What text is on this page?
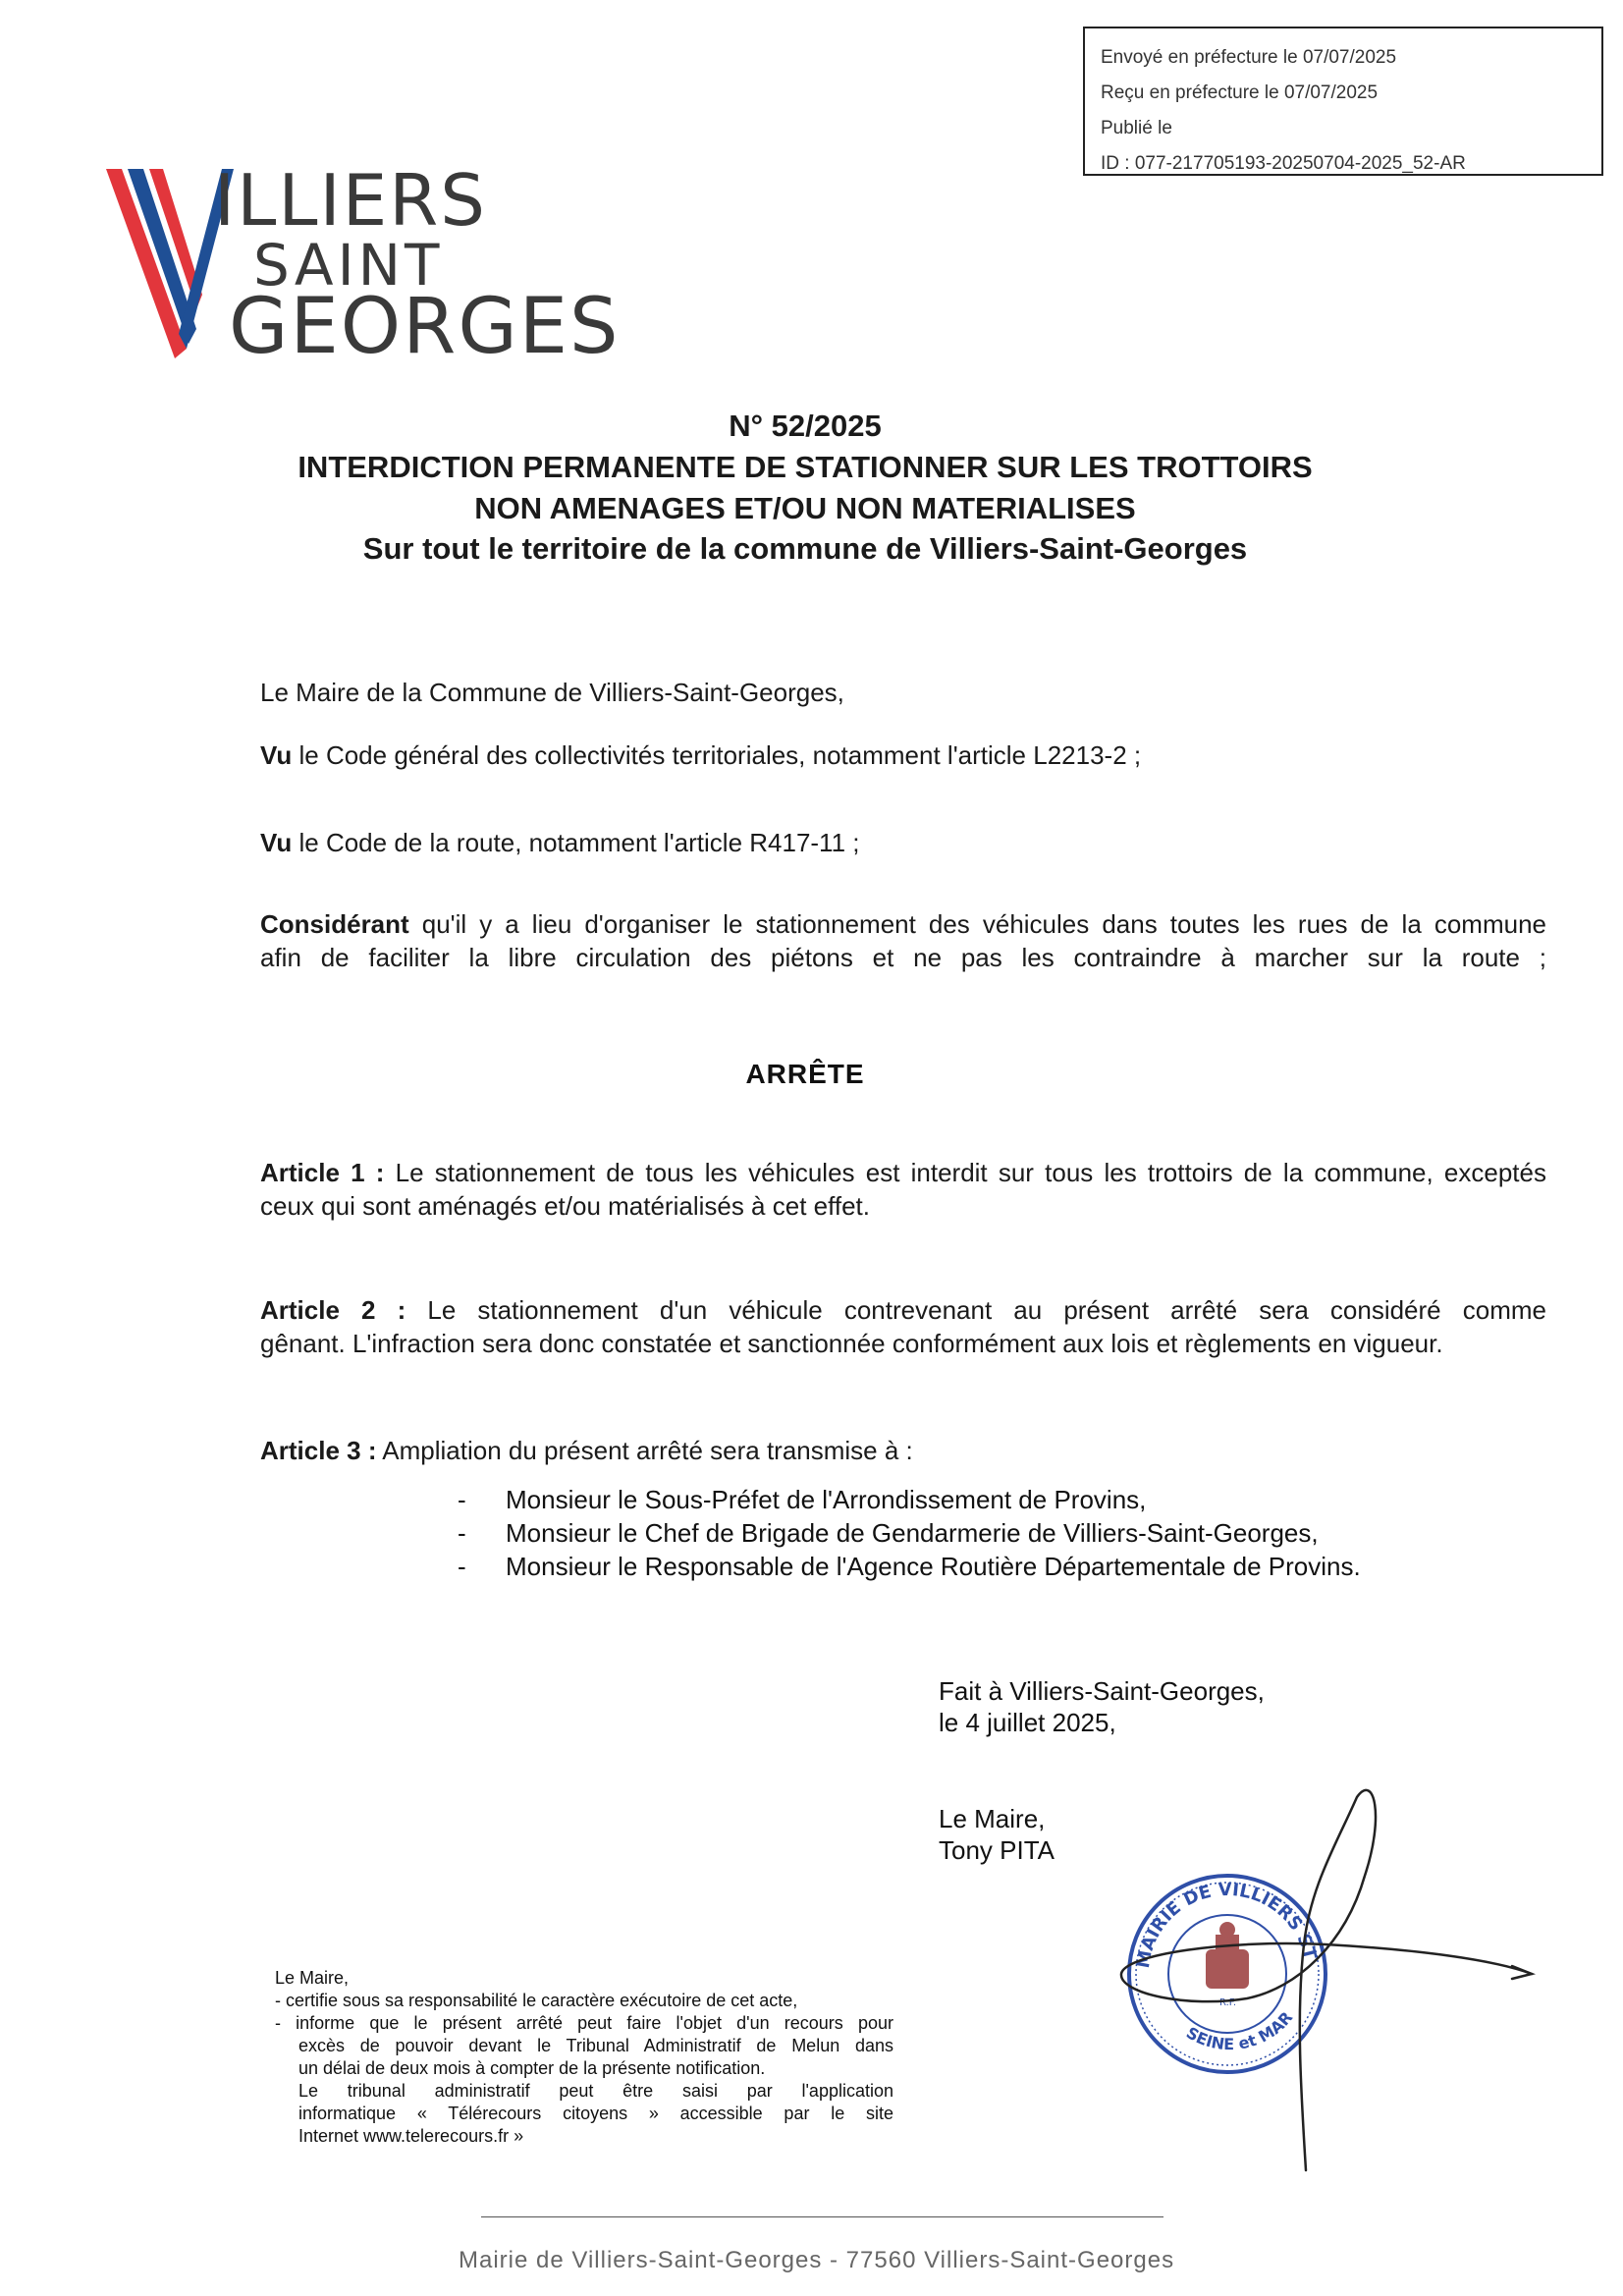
Envoyé en préfecture le 07/07/2025
Reçu en préfecture le 07/07/2025
Publié le
ID : 077-217705193-20250704-2025_52-AR
ILLIERS
SAINT
GEORGES
N° 52/2025
INTERDICTION PERMANENTE DE STATIONNER SUR LES TROTTOIRS
NON AMENAGES ET/OU NON MATERIALISES
Sur tout le territoire de la commune de Villiers-Saint-Georges
Le Maire de la Commune de Villiers-Saint-Georges,
Vu le Code général des collectivités territoriales, notamment l'article L2213-2 ;
Vu le Code de la route, notamment l'article R417-11 ;
Considérant qu'il y a lieu d'organiser le stationnement des véhicules dans toutes les rues de la commune
afin de faciliter la libre circulation des piétons et ne pas les contraindre à marcher sur la route ;
ARRÊTE
Article 1 : Le stationnement de tous les véhicules est interdit sur tous les trottoirs de la commune, exceptés
ceux qui sont aménagés et/ou matérialisés à cet effet.
Article 2 : Le stationnement d'un véhicule contrevenant au présent arrêté sera considéré comme
gênant. L'infraction sera donc constatée et sanctionnée conformément aux lois et règlements en vigueur.
Article 3 : Ampliation du présent arrêté sera transmise à :
- Monsieur le Sous-Préfet de l'Arrondissement de Provins,
- Monsieur le Chef de Brigade de Gendarmerie de Villiers-Saint-Georges,
- Monsieur le Responsable de l'Agence Routière Départementale de Provins.
Fait à Villiers-Saint-Georges,
le 4 juillet 2025,
Le Maire,
Tony PITA
R.F.
MAIRIE DE VILLIERS ST
SEINE et MAR
Le Maire,
- certifie sous sa responsabilité le caractère exécutoire de cet acte,
- informe que le présent arrêté peut faire l'objet d'un recours pour
excès de pouvoir devant le Tribunal Administratif de Melun dans
un délai de deux mois à compter de la présente notification.
Le tribunal administratif peut être saisi par l'application
informatique « Télérecours citoyens » accessible par le site
Internet www.telerecours.fr »
Mairie de Villiers-Saint-Georges - 77560 Villiers-Saint-Georges
